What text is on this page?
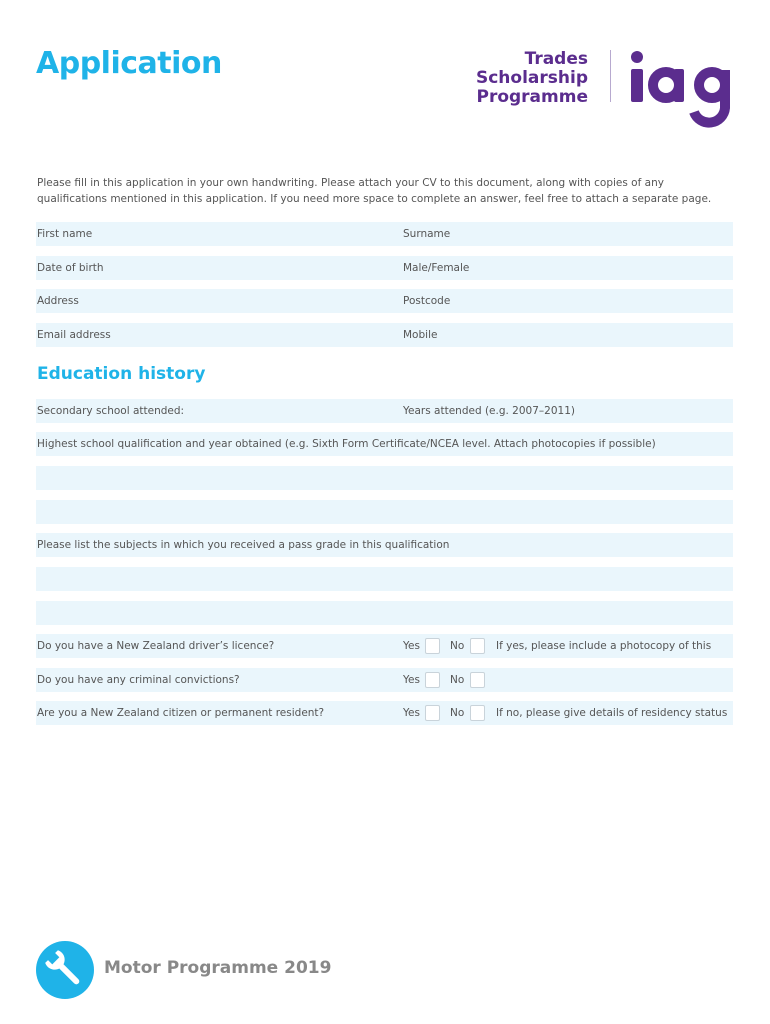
Application	Trades
Scholarship
Programme

Please fill in this application in your own handwriting. Please attach your CV to this document, along with copies of any qualifications mentioned in this application. If you need more space to complete an answer, feel free to attach a separate page.

First name	Surname
Date of birth	Male/Female
Address	Postcode
Email address	Mobile
Education history
Secondary school attended:	Years attended (e.g. 2007–2011)
Highest school qualification and year obtained (e.g. Sixth Form Certificate/NCEA level. Attach photocopies if possible)
Please list the subjects in which you received a pass grade in this qualification
Do you have a New Zealand driver’s licence?	Yes	No	If yes, please include a photocopy of this
Do you have any criminal convictions?	Yes	No
Are you a New Zealand citizen or permanent resident?	Yes	No	If no, please give details of residency status
Motor Programme 2019
